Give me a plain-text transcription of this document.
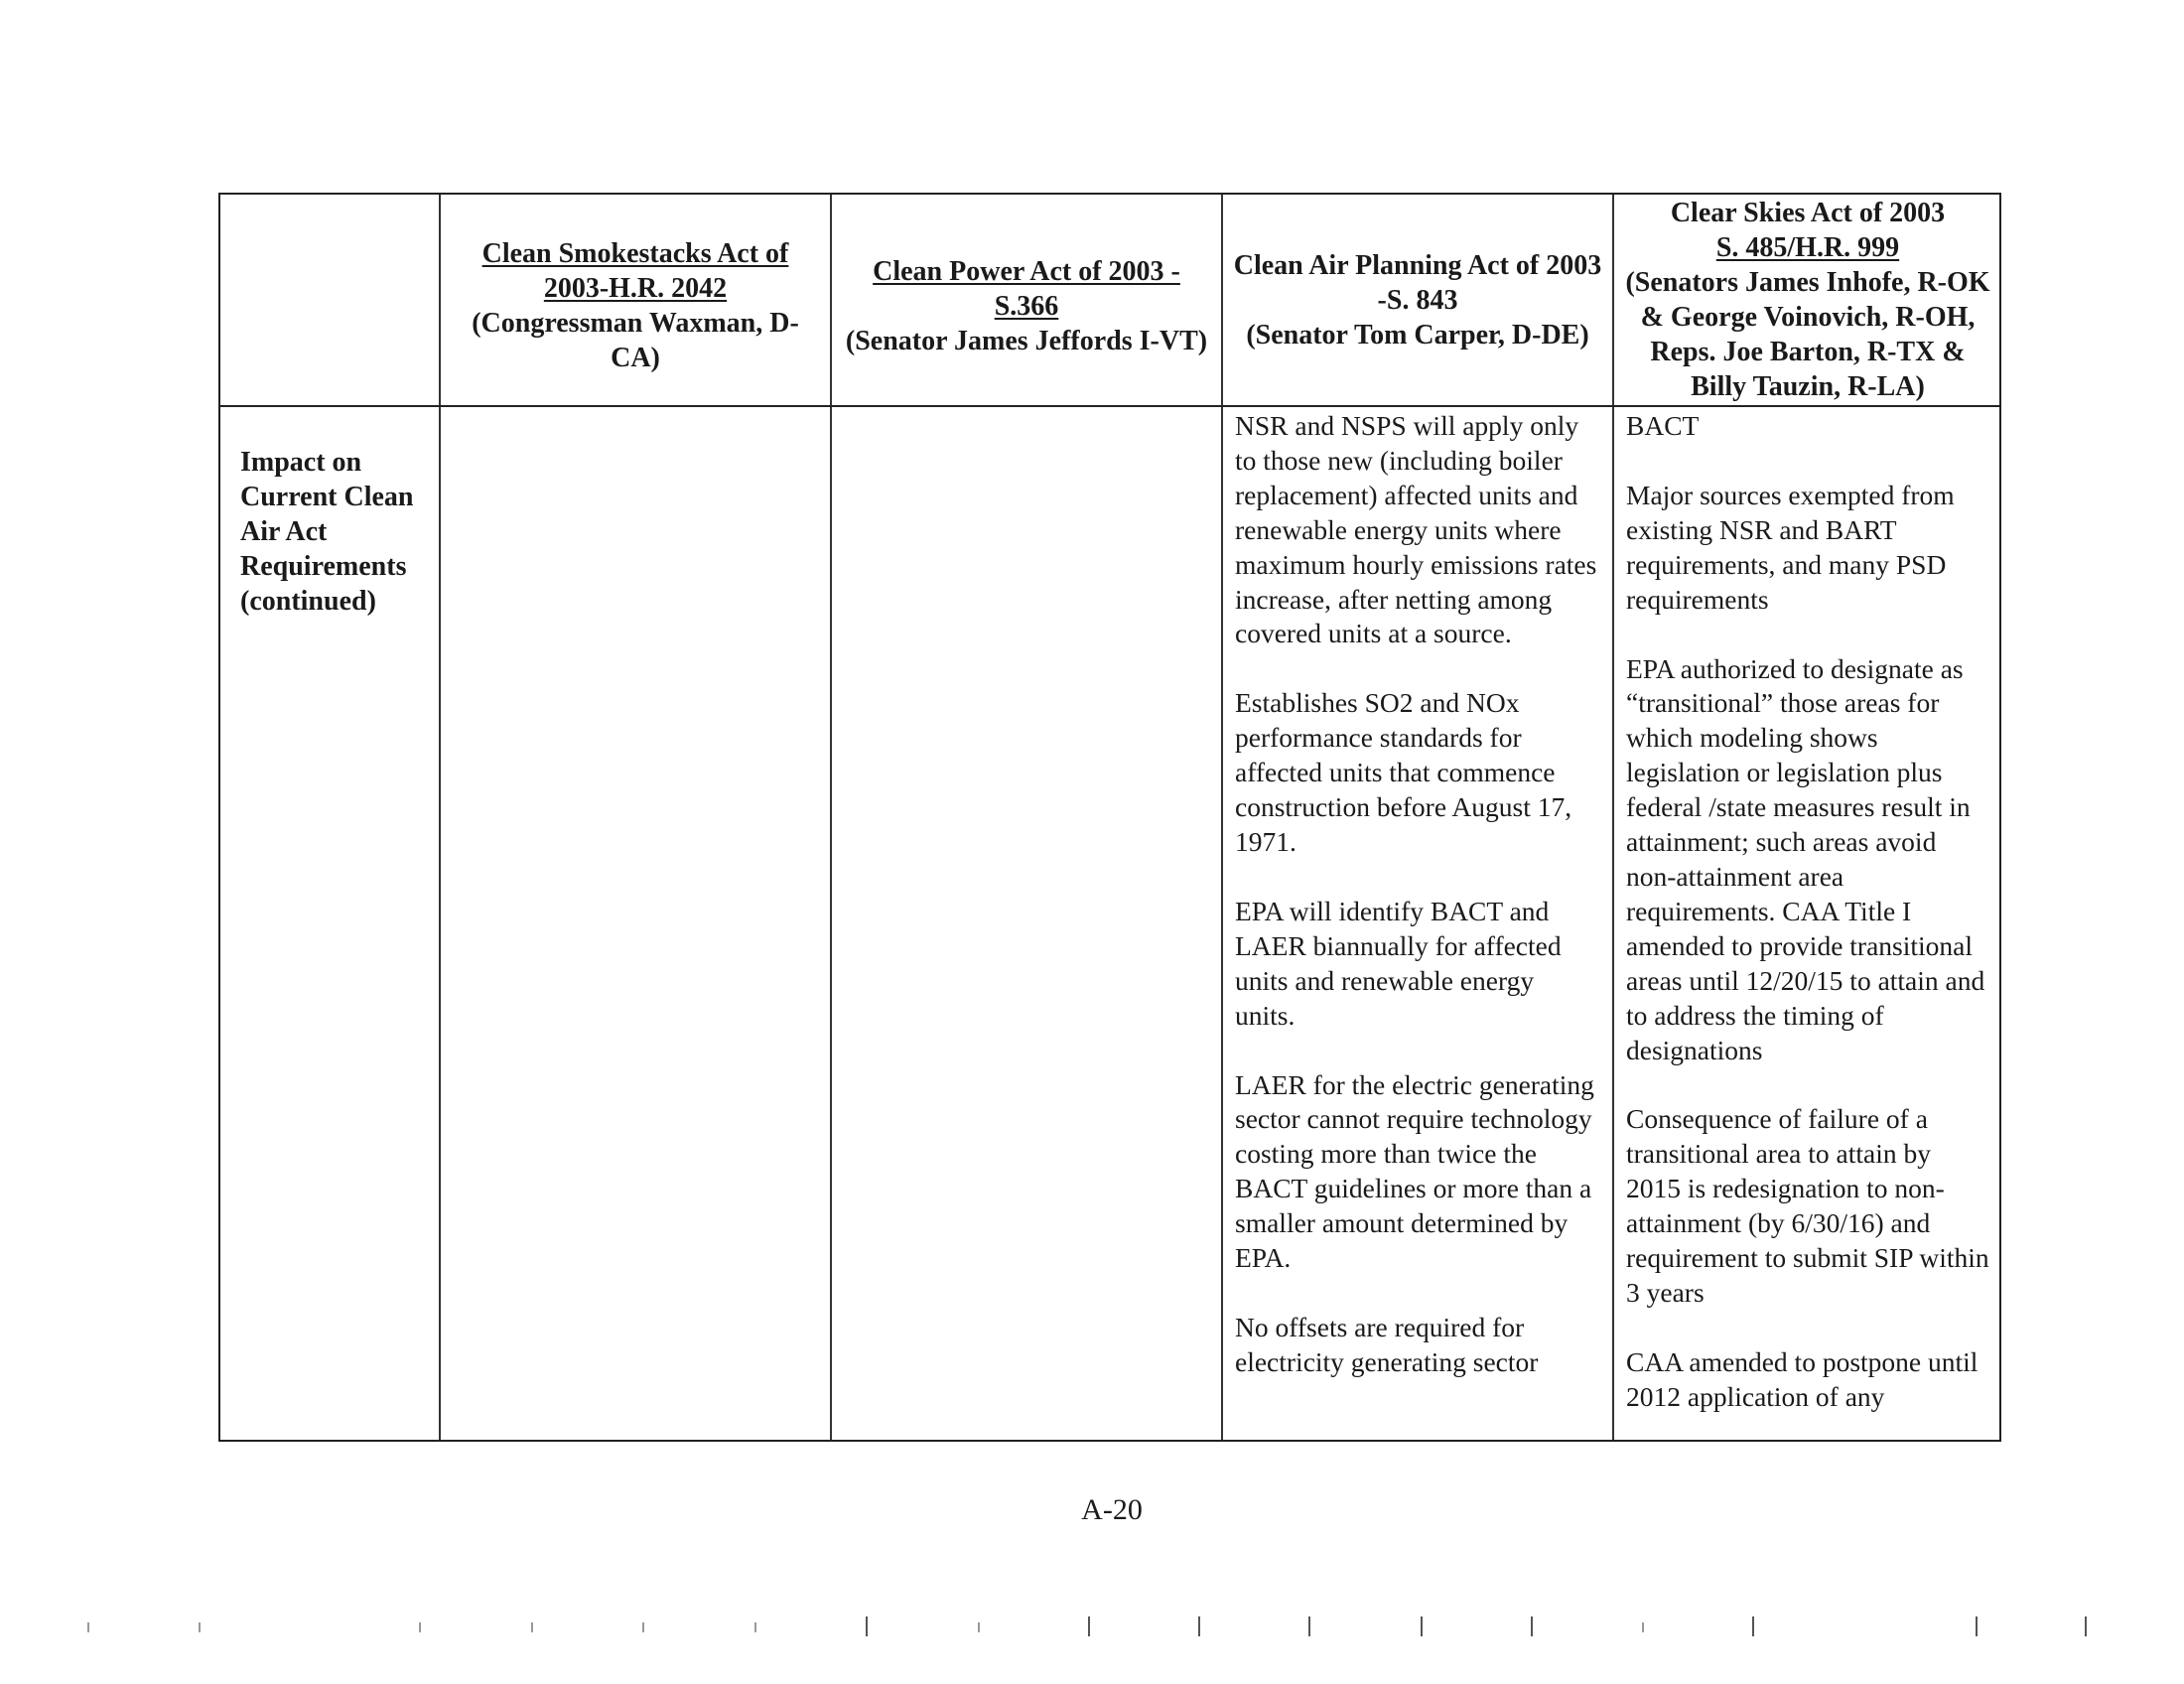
Clean Smokestacks Act of 2003-H.R. 2042
(Congressman Waxman, D-CA)
Clean Power Act of 2003 -S.366
(Senator James Jeffords I-VT)
Clean Air Planning Act of 2003 -S. 843
(Senator Tom Carper, D-DE)
Clear Skies Act of 2003
S. 485/H.R. 999
(Senators James Inhofe, R-OK & George Voinovich, R-OH, Reps. Joe Barton, R-TX & Billy Tauzin, R-LA)
Impact on Current Clean Air Act Requirements (continued)

NSR and NSPS will apply only to those new (including boiler replacement) affected units and renewable energy units where maximum hourly emissions rates increase, after netting among covered units at a source.

Establishes SO2 and NOx performance standards for affected units that commence construction before August 17, 1971.

EPA will identify BACT and LAER biannually for affected units and renewable energy units.

LAER for the electric generating sector cannot require technology costing more than twice the BACT guidelines or more than a smaller amount determined by EPA.

No offsets are required for electricity generating sector

BACT

Major sources exempted from existing NSR and BART requirements, and many PSD requirements

EPA authorized to designate as “transitional” those areas for which modeling shows legislation or legislation plus federal /state measures result in attainment; such areas avoid non-attainment area requirements. CAA Title I amended to provide transitional areas until 12/20/15 to attain and to address the timing of designations

Consequence of failure of a transitional area to attain by 2015 is redesignation to non-attainment (by 6/30/16) and requirement to submit SIP within 3 years

CAA amended to postpone until 2012 application of any

A-20
